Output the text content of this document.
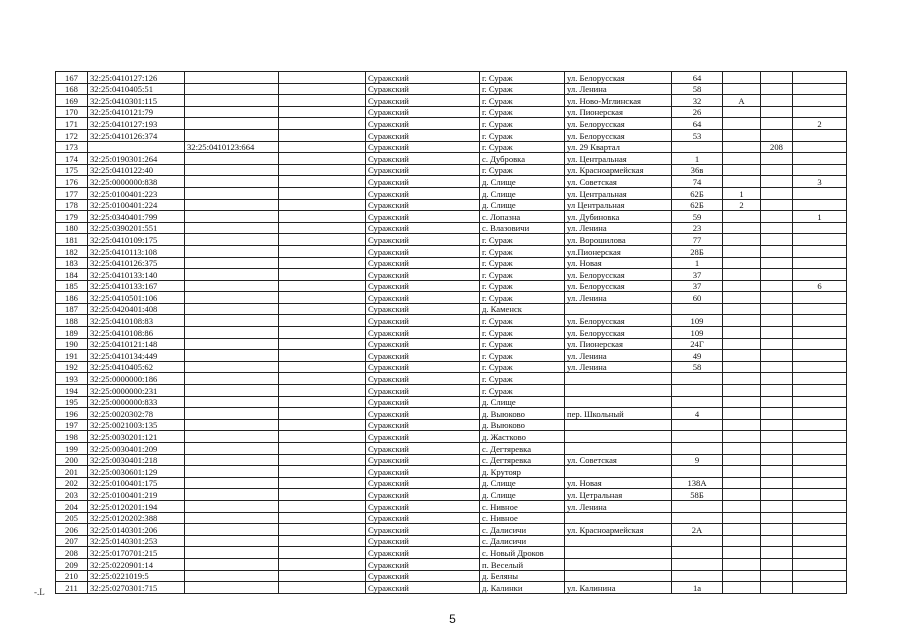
167	32:25:0410127:126			Суражский	г. Сураж	ул. Белорусская	64			
168	32:25:0410405:51			Суражский	г. Сураж	ул. Ленина	58			
169	32:25:0410301:115			Суражский	г. Сураж	ул. Ново-Мглинская	32	А		
170	32:25:0410121:79			Суражский	г. Сураж	ул. Пионерская	26			
171	32:25:0410127:193			Суражский	г. Сураж	ул. Белорусская	64			2
172	32:25:0410126:374			Суражский	г. Сураж	ул. Белорусская	53			
173		32:25:0410123:664		Суражский	г. Сураж	ул. 29 Квартал			208	
174	32:25:0190301:264			Суражский	с. Дубровка	ул. Центральная	1			
175	32:25:0410122:40			Суражский	г. Сураж	ул. Красноармейская	36в			
176	32:25:0000000:838			Суражский	д. Слище	ул. Советская	74			3
177	32:25:0100401:223			Суражский	д. Слище	ул. Центральная	62Б	1		
178	32:25:0100401:224			Суражский	д. Слище	ул Центральная	62Б	2		
179	32:25:0340401:799			Суражский	с. Лопазна	ул. Дубиновка	59			1
180	32:25:0390201:551			Суражский	с. Влазовичи	ул. Ленина	23			
181	32:25:0410109:175			Суражский	г. Сураж	ул. Ворошилова	77			
182	32:25:0410113:108			Суражский	г. Сураж	ул.Пионерская	28Б			
183	32:25:0410126:375			Суражский	г. Сураж	ул. Новая	1			
184	32:25:0410133:140			Суражский	г. Сураж	ул. Белорусская	37			
185	32:25:0410133:167			Суражский	г. Сураж	ул. Белорусская	37			6
186	32:25:0410501:106			Суражский	г. Сураж	ул. Ленина	60			
187	32:25:0420401:408			Суражский	д. Каменск					
188	32:25:0410108:83			Суражский	г. Сураж	ул. Белорусская	109			
189	32:25:0410108:86			Суражский	г. Сураж	ул. Белорусская	109			
190	32:25:0410121:148			Суражский	г. Сураж	ул. Пионерская	24Г			
191	32:25:0410134:449			Суражский	г. Сураж	ул. Ленина	49			
192	32:25:0410405:62			Суражский	г. Сураж	ул. Ленина	58			
193	32:25:0000000:186			Суражский	г. Сураж					
194	32:25:0000000:231			Суражский	г. Сураж					
195	32:25:0000000:833			Суражский	д. Слище					
196	32:25:0020302:78			Суражский	д. Выюково	пер. Школьный	4			
197	32:25:0021003:135			Суражский	д. Выюково					
198	32:25:0030201:121			Суражский	д. Жастково					
199	32:25:0030401:209			Суражский	с. Дегтяревка					
200	32:25:0030401:218			Суражский	с. Дегтяревка	ул. Советская	9			
201	32:25:0030601:129			Суражский	д. Крутояр					
202	32:25:0100401:175			Суражский	д. Слище	ул. Новая	138А			
203	32:25:0100401:219			Суражский	д. Слище	ул. Цетральная	58Б			
204	32:25:0120201:194			Суражский	с. Нивное	ул. Ленина				
205	32:25:0120202:388			Суражский	с. Нивное					
206	32:25:0140301:206			Суражский	с. Далисичи	ул. Красноармейская	2А			
207	32:25:0140301:253			Суражский	с. Далисичи					
208	32:25:0170701:215			Суражский	с. Новый Дроков					
209	32:25:0220901:14			Суражский	п. Веселый					
210	32:25:0221019:5			Суражский	д. Беляны					
211	32:25:0270301:715			Суражский	д. Калинки	ул. Калинина	1а			
-.L
5
